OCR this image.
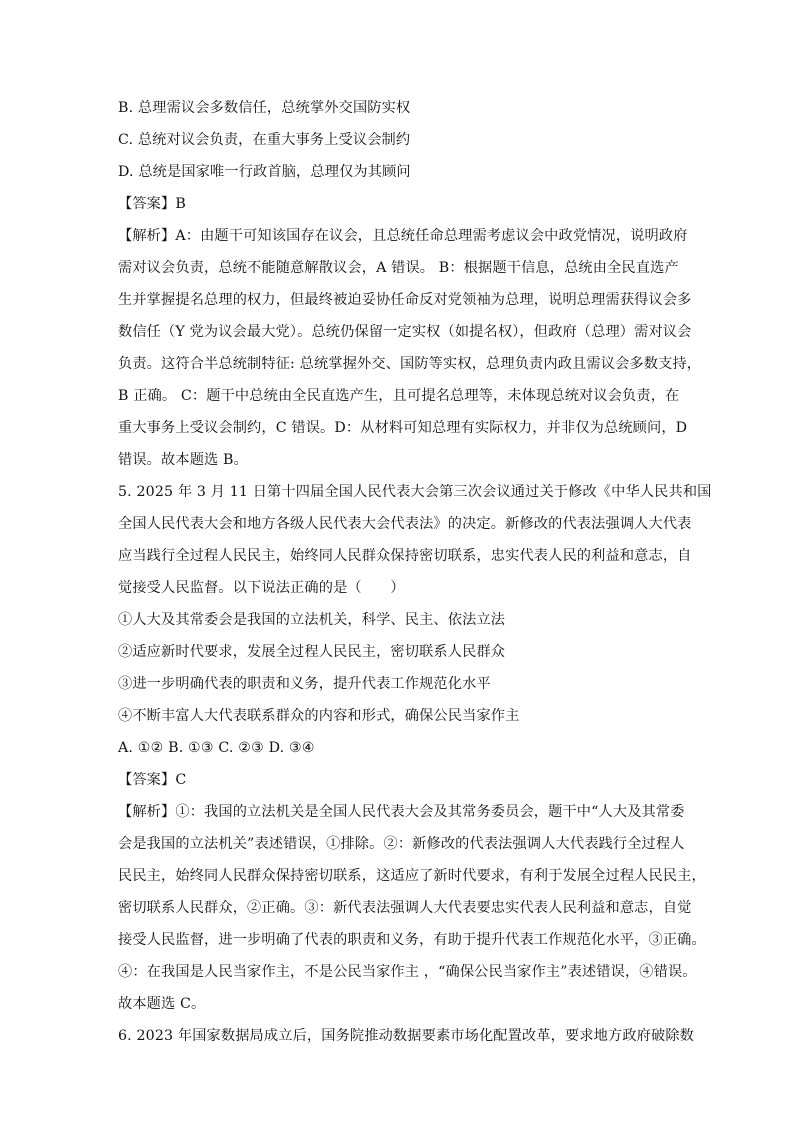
B. 总理需议会多数信任，总统掌外交国防实权

C. 总统对议会负责，在重大事务上受议会制约

D. 总统是国家唯一行政首脑，总理仅为其顾问

【答案】B

【解析】A：由题干可知该国存在议会，且总统任命总理需考虑议会中政党情况，说明政府

需对议会负责，总统不能随意解散议会，A 错误。 B：根据题干信息，总统由全民直选产

生并掌握提名总理的权力，但最终被迫妥协任命反对党领袖为总理，说明总理需获得议会多

数信任（Y 党为议会最大党）。总统仍保留一定实权（如提名权），但政府（总理）需对议会

负责。这符合半总统制特征: 总统掌握外交、国防等实权，总理负责内政且需议会多数支持，

B 正确。 C：题干中总统由全民直选产生，且可提名总理等，未体现总统对议会负责，在

重大事务上受议会制约，C 错误。D：从材料可知总理有实际权力，并非仅为总统顾问，D

错误。故本题选 B。

5. 2025 年 3 月 11 日第十四届全国人民代表大会第三次会议通过关于修改《中华人民共和国

全国人民代表大会和地方各级人民代表大会代表法》的决定。新修改的代表法强调人大代表

应当践行全过程人民民主，始终同人民群众保持密切联系，忠实代表人民的利益和意志，自

觉接受人民监督。以下说法正确的是（　　）

①人大及其常委会是我国的立法机关，科学、民主、依法立法

②适应新时代要求，发展全过程人民民主，密切联系人民群众

③进一步明确代表的职责和义务，提升代表工作规范化水平

④不断丰富人大代表联系群众的内容和形式，确保公民当家作主

A. ①② B. ①③ C. ②③ D. ③④

【答案】C

【解析】①：我国的立法机关是全国人民代表大会及其常务委员会，题干中“人大及其常委

会是我国的立法机关”表述错误，①排除。②：新修改的代表法强调人大代表践行全过程人

民民主，始终同人民群众保持密切联系，这适应了新时代要求，有利于发展全过程人民民主，

密切联系人民群众，②正确。③：新代表法强调人大代表要忠实代表人民利益和意志，自觉

接受人民监督，进一步明确了代表的职责和义务，有助于提升代表工作规范化水平，③正确。

④：在我国是人民当家作主，不是公民当家作主 ，“确保公民当家作主”表述错误，④错误。

故本题选 C。

6. 2023 年国家数据局成立后，国务院推动数据要素市场化配置改革，要求地方政府破除数
